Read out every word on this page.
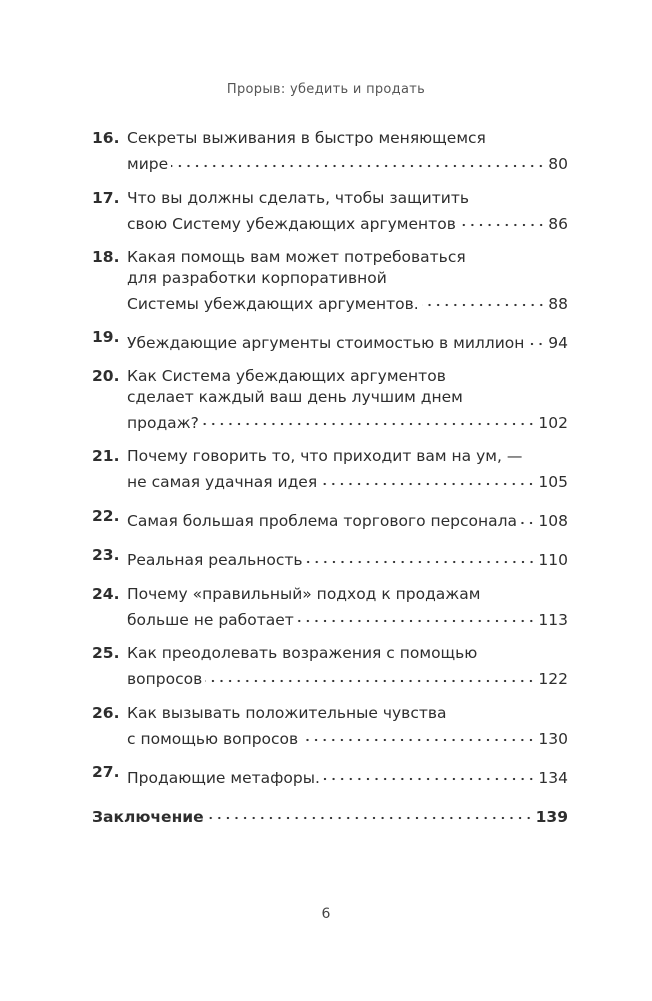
Прорыв: убедить и продать
16. Секреты выживания в быстро меняющемся
мире	80
17. Что вы должны сделать, чтобы защитить
свою Систему убеждающих аргументов	86
18. Какая помощь вам может потребоваться
для разработки корпоративной
Системы убеждающих аргументов.	88
19. Убеждающие аргументы стоимостью в миллион 94
20. Как Система убеждающих аргументов
сделает каждый ваш день лучшим днем
продаж?	102
21. Почему говорить то, что приходит вам на ум, —
не самая удачная идея	105
22. Самая большая проблема торгового персонала 108
23. Реальная реальность	110
24. Почему «правильный» подход к продажам
больше не работает	113
25. Как преодолевать возражения с помощью
вопросов	122
26. Как вызывать положительные чувства
с помощью вопросов	130
27. Продающие метафоры.	134
Заключение	139
6
